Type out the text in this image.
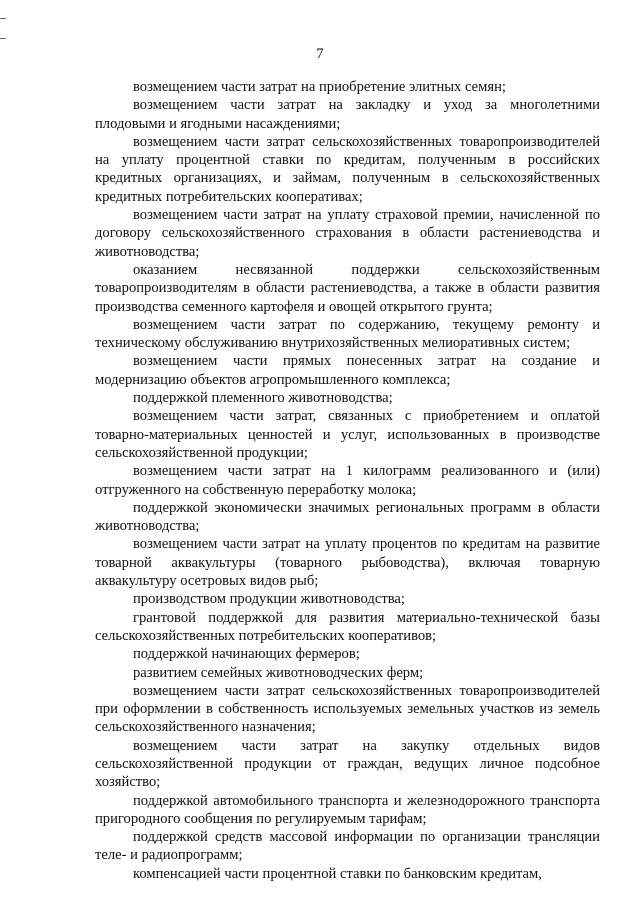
7

возмещением части затрат на приобретение элитных семян;

возмещением части затрат на закладку и уход за многолетними плодовыми и ягодными насаждениями;

возмещением части затрат сельскохозяйственных товаропроизводителей на уплату процентной ставки по кредитам, полученным в российских кредитных организациях, и займам, полученным в сельскохозяйственных кредитных потребительских кооперативах;

возмещением части затрат на уплату страховой премии, начисленной по договору сельскохозяйственного страхования в области растениеводства и животноводства;

оказанием несвязанной поддержки сельскохозяйственным товаропроизводителям в области растениеводства, а также в области развития производства семенного картофеля и овощей открытого грунта;

возмещением части затрат по содержанию, текущему ремонту и техническому обслуживанию внутрихозяйственных мелиоративных систем;

возмещением части прямых понесенных затрат на создание и модернизацию объектов агропромышленного комплекса;

поддержкой племенного животноводства;

возмещением части затрат, связанных с приобретением и оплатой товарно-материальных ценностей и услуг, использованных в производстве сельскохозяйственной продукции;

возмещением части затрат на 1 килограмм реализованного и (или) отгруженного на собственную переработку молока;

поддержкой экономически значимых региональных программ в области животноводства;

возмещением части затрат на уплату процентов по кредитам на развитие товарной аквакультуры (товарного рыбоводства), включая товарную аквакультуру осетровых видов рыб;

производством продукции животноводства;

грантовой поддержкой для развития материально-технической базы сельскохозяйственных потребительских кооперативов;

поддержкой начинающих фермеров;

развитием семейных животноводческих ферм;

возмещением части затрат сельскохозяйственных товаропроизводителей при оформлении в собственность используемых земельных участков из земель сельскохозяйственного назначения;

возмещением части затрат на закупку отдельных видов сельскохозяйственной продукции от граждан, ведущих личное подсобное хозяйство;

поддержкой автомобильного транспорта и железнодорожного транспорта пригородного сообщения по регулируемым тарифам;

поддержкой средств массовой информации по организации трансляции теле- и радиопрограмм;

компенсацией части процентной ставки по банковским кредитам,
